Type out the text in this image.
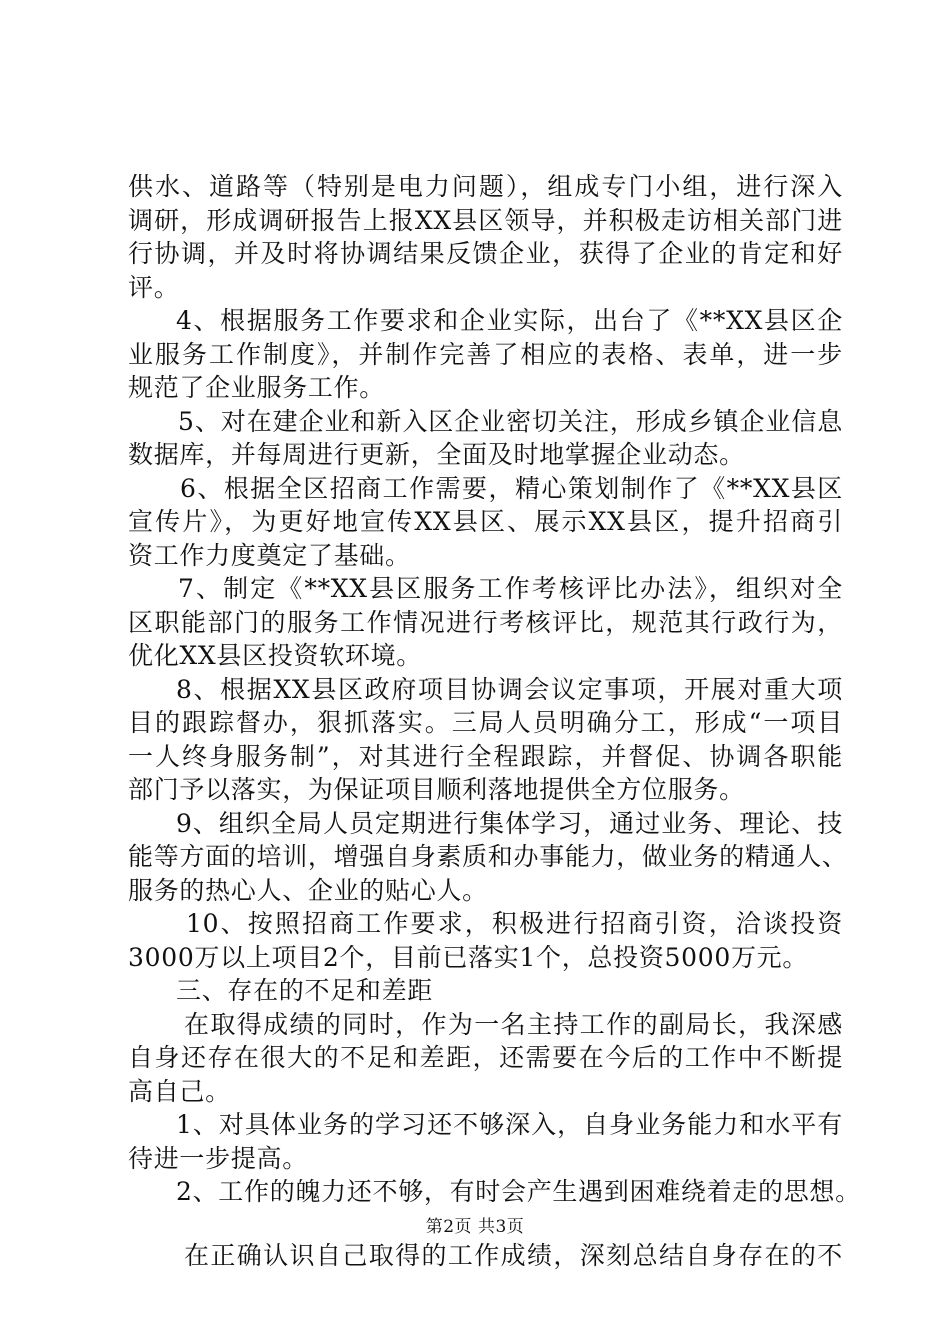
供水、道路等（特别是电力问题），组成专门小组，进行深入
调研，形成调研报告上报XX县区领导，并积极走访相关部门进
行协调，并及时将协调结果反馈企业，获得了企业的肯定和好
评。
4、根据服务工作要求和企业实际，出台了《**XX县区企
业服务工作制度》，并制作完善了相应的表格、表单，进一步
规范了企业服务工作。
5、对在建企业和新入区企业密切关注，形成乡镇企业信息
数据库，并每周进行更新，全面及时地掌握企业动态。
6、根据全区招商工作需要，精心策划制作了《**XX县区
宣传片》，为更好地宣传XX县区、展示XX县区，提升招商引
资工作力度奠定了基础。
7、制定《**XX县区服务工作考核评比办法》，组织对全
区职能部门的服务工作情况进行考核评比，规范其行政行为，
优化XX县区投资软环境。
8、根据XX县区政府项目协调会议定事项，开展对重大项
目的跟踪督办，狠抓落实。三局人员明确分工，形成“一项目
一人终身服务制”，对其进行全程跟踪，并督促、协调各职能
部门予以落实，为保证项目顺利落地提供全方位服务。
9、组织全局人员定期进行集体学习，通过业务、理论、技
能等方面的培训，增强自身素质和办事能力，做业务的精通人、
服务的热心人、企业的贴心人。
10、按照招商工作要求，积极进行招商引资，洽谈投资
3000万以上项目2个，目前已落实1个，总投资5000万元。
三、存在的不足和差距
在取得成绩的同时，作为一名主持工作的副局长，我深感
自身还存在很大的不足和差距，还需要在今后的工作中不断提
高自己。
1、对具体业务的学习还不够深入，自身业务能力和水平有
待进一步提高。
2、工作的魄力还不够，有时会产生遇到困难绕着走的思想。
在正确认识自己取得的工作成绩，深刻总结自身存在的不
第2页 共3页
